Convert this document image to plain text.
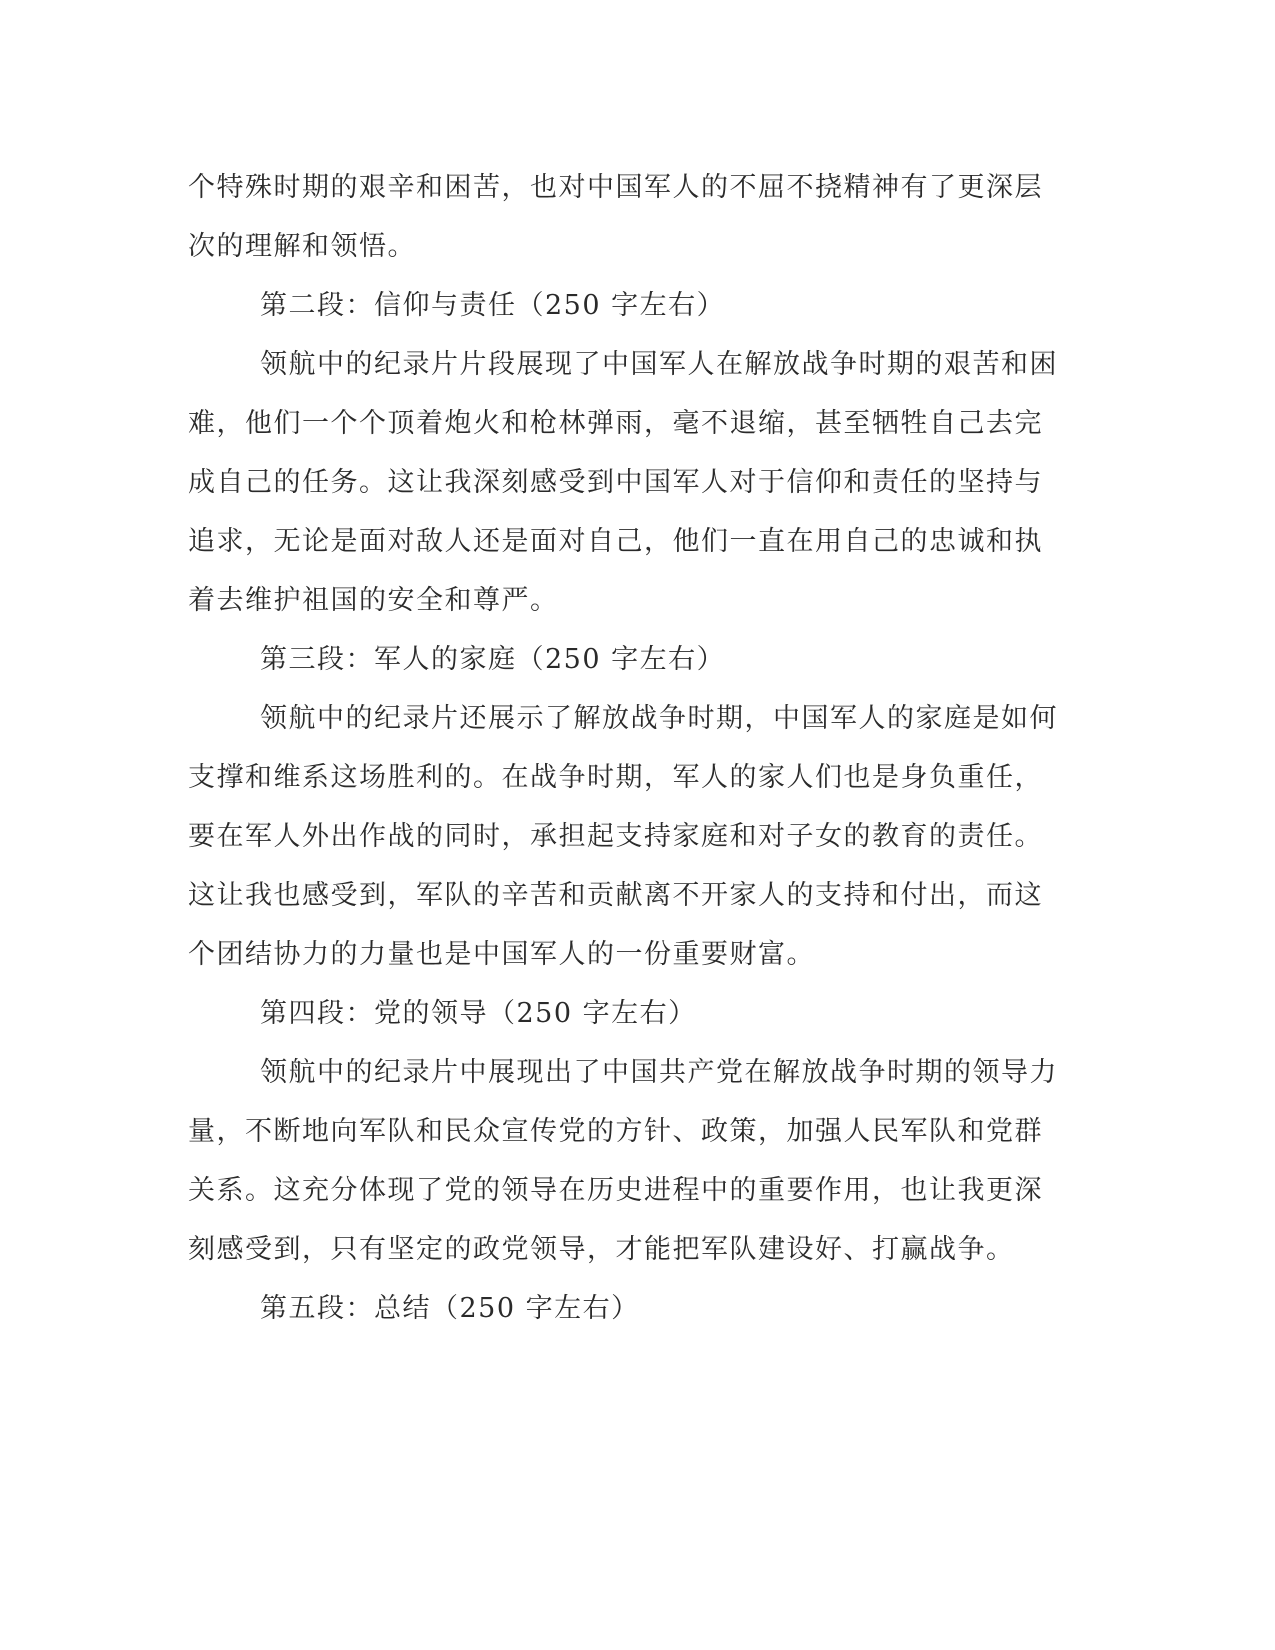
个特殊时期的艰辛和困苦，也对中国军人的不屈不挠精神有了更深层
次的理解和领悟。
第二段：信仰与责任（250 字左右）
领航中的纪录片片段展现了中国军人在解放战争时期的艰苦和困
难，他们一个个顶着炮火和枪林弹雨，毫不退缩，甚至牺牲自己去完
成自己的任务。这让我深刻感受到中国军人对于信仰和责任的坚持与
追求，无论是面对敌人还是面对自己，他们一直在用自己的忠诚和执
着去维护祖国的安全和尊严。
第三段：军人的家庭（250 字左右）
领航中的纪录片还展示了解放战争时期，中国军人的家庭是如何
支撑和维系这场胜利的。在战争时期，军人的家人们也是身负重任，
要在军人外出作战的同时，承担起支持家庭和对子女的教育的责任。
这让我也感受到，军队的辛苦和贡献离不开家人的支持和付出，而这
个团结协力的力量也是中国军人的一份重要财富。
第四段：党的领导（250 字左右）
领航中的纪录片中展现出了中国共产党在解放战争时期的领导力
量，不断地向军队和民众宣传党的方针、政策，加强人民军队和党群
关系。这充分体现了党的领导在历史进程中的重要作用，也让我更深
刻感受到，只有坚定的政党领导，才能把军队建设好、打赢战争。
第五段：总结（250 字左右）
